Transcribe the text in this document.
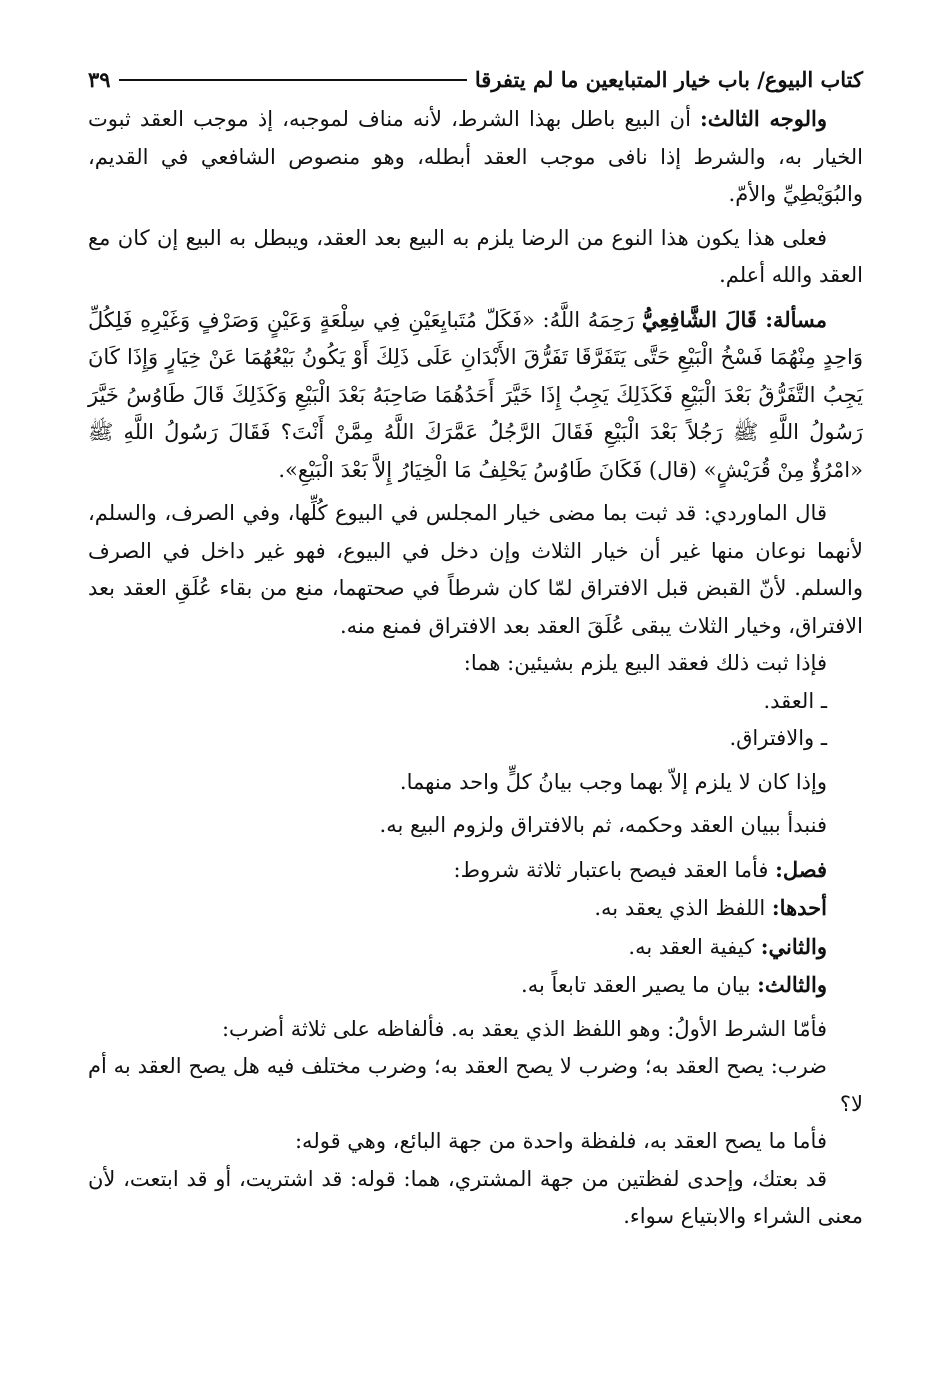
كتاب البيوع/ باب خيار المتبايعين ما لم يتفرقا
٣٩

والوجه الثالث: أن البيع باطل بهذا الشرط، لأنه مناف لموجبه، إذ موجب العقد ثبوت الخيار به، والشرط إذا نافى موجب العقد أبطله، وهو منصوص الشافعي في القديم، والبُوَيْطِيِّ والأمّ.

فعلى هذا يكون هذا النوع من الرضا يلزم به البيع بعد العقد، ويبطل به البيع إن كان مع العقد والله أعلم.

مسألة: قَالَ الشَّافِعِيُّ رَحِمَهُ اللَّهُ: «فَكَلّ مُتَبايِعَيْنِ فِي سِلْعَةٍ وَعَيْنٍ وَصَرْفٍ وَغَيْرِهِ فَلِكُلِّ وَاحِدٍ مِنْهُمَا فَسْخُ الْبَيْعِ حَتَّى يَتَفَرَّقَا تَفَرُّقَ الأَبْدَانِ عَلَى ذَلِكَ أَوْ يَكُونُ بَيْعُهُمَا عَنْ خِيَارٍ وَإِذَا كَانَ يَجِبُ التَّفَرُّقُ بَعْدَ الْبَيْعِ فَكَذَلِكَ يَجِبُ إِذَا خَيَّرَ أَحَدُهُمَا صَاحِبَهُ بَعْدَ الْبَيْعِ وَكَذَلِكَ قَالَ طَاوُسُ خَيَّرَ رَسُولُ اللَّهِ ﷺ رَجُلاً بَعْدَ الْبَيْعِ فَقَالَ الرَّجُلُ عَمَّرَكَ اللَّهُ مِمَّنْ أَنْتَ؟ فَقَالَ رَسُولُ اللَّهِ ﷺ «امْرُؤٌ مِنْ قُرَيْشٍ» (قال) فَكَانَ طَاوُسُ يَحْلِفُ مَا الْخِيَارُ إِلاَّ بَعْدَ الْبَيْعِ».

قال الماوردي: قد ثبت بما مضى خيار المجلس في البيوع كُلِّها، وفي الصرف، والسلم، لأنهما نوعان منها غير أن خيار الثلاث وإن دخل في البيوع، فهو غير داخل في الصرف والسلم. لأنّ القبض قبل الافتراق لمّا كان شرطاً في صحتهما، منع من بقاء عُلَقِ العقد بعد الافتراق، وخيار الثلاث يبقى عُلَقَ العقد بعد الافتراق فمنع منه.

فإذا ثبت ذلك فعقد البيع يلزم بشيئين: هما:

ـ العقد.

ـ والافتراق.

وإذا كان لا يلزم إلاّ بهما وجب بيانُ كلٍّ واحد منهما.

فنبدأ ببيان العقد وحكمه، ثم بالافتراق ولزوم البيع به.

فصل: فأما العقد فيصح باعتبار ثلاثة شروط:

أحدها: اللفظ الذي يعقد به.

والثاني: كيفية العقد به.

والثالث: بيان ما يصير العقد تابعاً به.

فأمّا الشرط الأولُ: وهو اللفظ الذي يعقد به. فألفاظه على ثلاثة أضرب:

ضرب: يصح العقد به؛ وضرب لا يصح العقد به؛ وضرب مختلف فيه هل يصح العقد به أم لا؟

فأما ما يصح العقد به، فلفظة واحدة من جهة البائع، وهي قوله:

قد بعتك، وإحدى لفظتين من جهة المشتري، هما: قوله: قد اشتريت، أو قد ابتعت، لأن معنى الشراء والابتياع سواء.
